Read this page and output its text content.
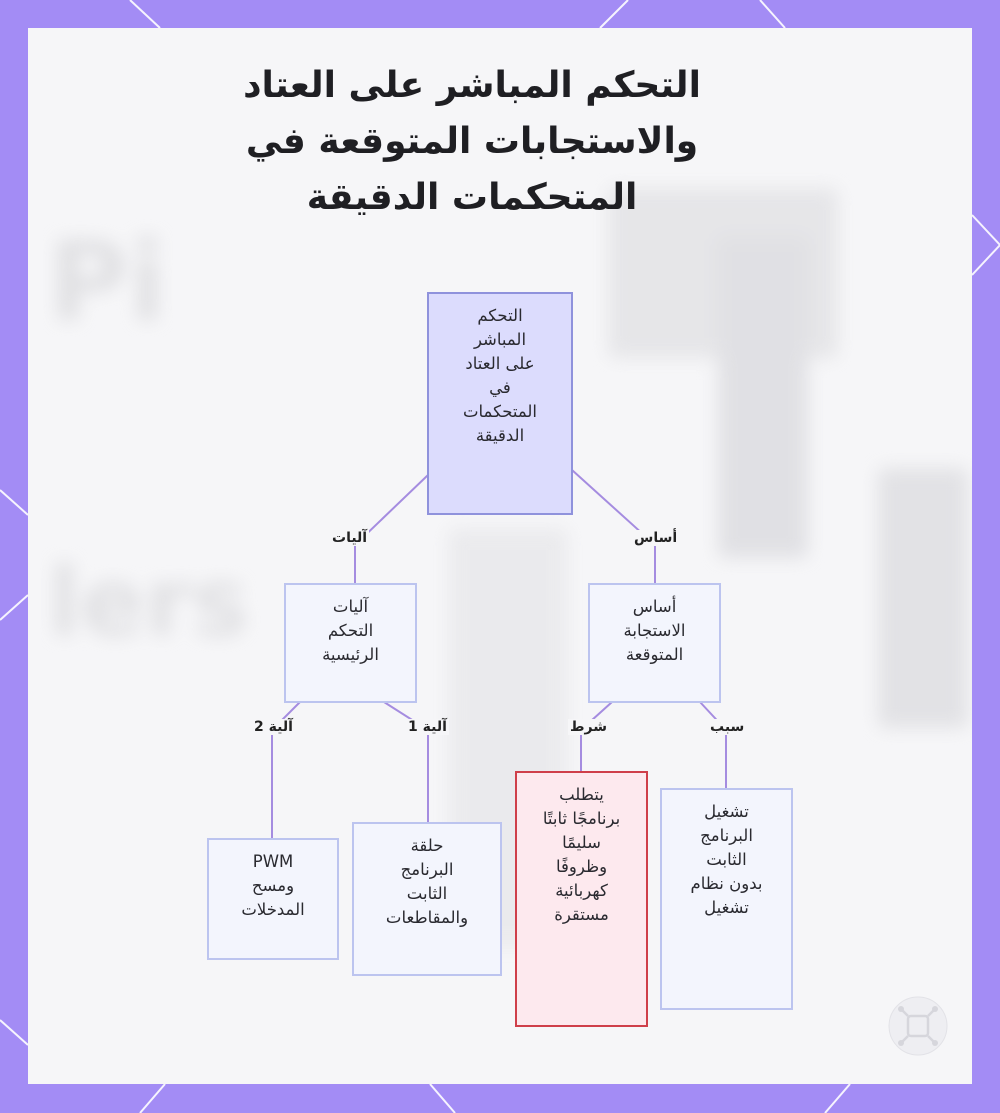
Pi
lers
التحكم المباشر على العتاد
والاستجابات المتوقعة في
المتحكمات الدقيقة
التحكم
المباشر
على العتاد
في
المتحكمات
الدقيقة
آليات
التحكم
الرئيسية
أساس
الاستجابة
المتوقعة
PWM
ومسح
المدخلات
حلقة
البرنامج
الثابت
والمقاطعات
يتطلب
برنامجًا ثابتًا
سليمًا
وظروفًا
كهربائية
مستقرة
تشغيل
البرنامج
الثابت
بدون نظام
تشغيل
آليات	أساس
آلية 2	آلية 1	شرط	سبب
